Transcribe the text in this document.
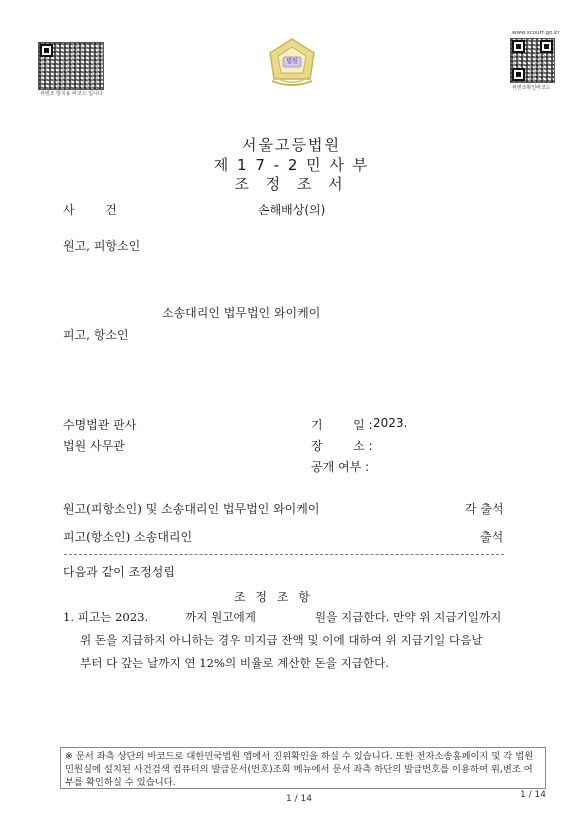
위변조 방지용 바코드 입니다
법원
www.scourt.go.kr
위변조확인바코드
서울고등법원
제 1 7 - 2 민 사 부
조 정 조 서
사        건	손해배상(의)
원고, 피항소인
소송대리인 법무법인 와이케이
피고, 항소인
수명법관 판사
법원 사무관
기        일 : 2023.
장        소 :
공개 여부 :
원고(피항소인) 및 소송대리인 법무법인 와이케이	각 출석
피고(항소인) 소송대리인	출석
다음과 같이 조정성립
조 정 조 항
1. 피고는 2023.          까지 원고에게                원을 지급한다. 만약 위 지급기일까지
위 돈을 지급하지 아니하는 경우 미지급 잔액 및 이에 대하여 위 지급기일 다음날
부터 다 갚는 날까지 연 12%의 비율로 계산한 돈을 지급한다.
※ 문서 좌측 상단의 바코드로 대한민국법원 앱에서 진위확인을 하실 수 있습니다. 또한 전자소송홈페이지 및 각 법원 민원실에 설치된 사건검색 컴퓨터의 발급문서(번호)조회 메뉴에서 문서 좌측 하단의 발급번호를 이용하여 위,변조 여부를 확인하실 수 있습니다.
1 / 14	1 / 14
